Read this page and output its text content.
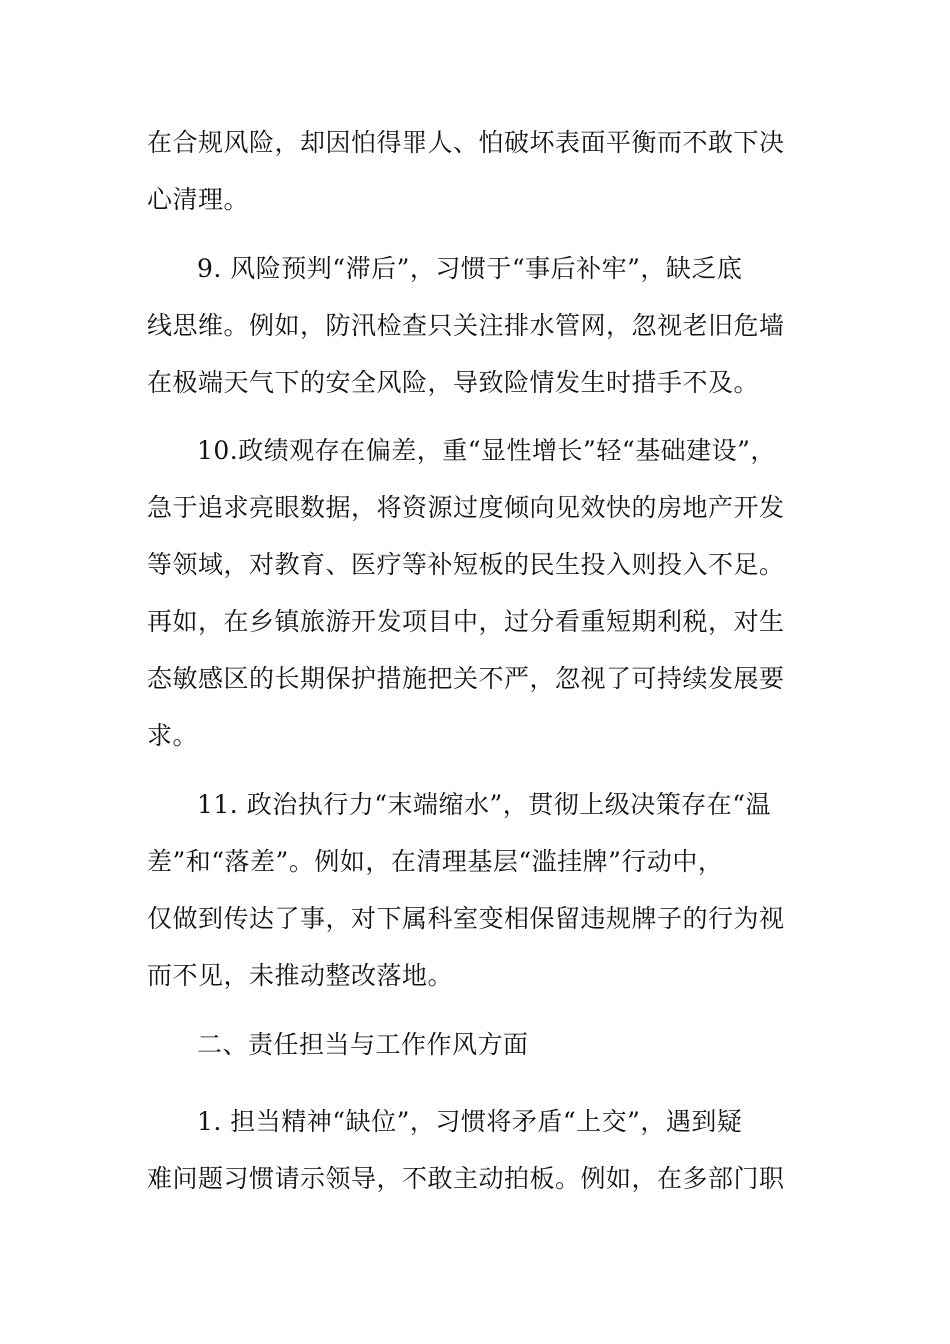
在合规风险，却因怕得罪人、怕破坏表面平衡而不敢下决
心清理。
9. 风险预判“滞后”，习惯于“事后补牢”，缺乏底
线思维。例如，防汛检查只关注排水管网，忽视老旧危墙
在极端天气下的安全风险，导致险情发生时措手不及。
10.政绩观存在偏差，重“显性增长”轻“基础建设”，
急于追求亮眼数据，将资源过度倾向见效快的房地产开发
等领域，对教育、医疗等补短板的民生投入则投入不足。
再如，在乡镇旅游开发项目中，过分看重短期利税，对生
态敏感区的长期保护措施把关不严，忽视了可持续发展要
求。
11. 政治执行力“末端缩水”，贯彻上级决策存在“温
差”和“落差”。例如，在清理基层“滥挂牌”行动中，
仅做到传达了事，对下属科室变相保留违规牌子的行为视
而不见，未推动整改落地。
二、责任担当与工作作风方面
1. 担当精神“缺位”，习惯将矛盾“上交”，遇到疑
难问题习惯请示领导，不敢主动拍板。例如，在多部门职
